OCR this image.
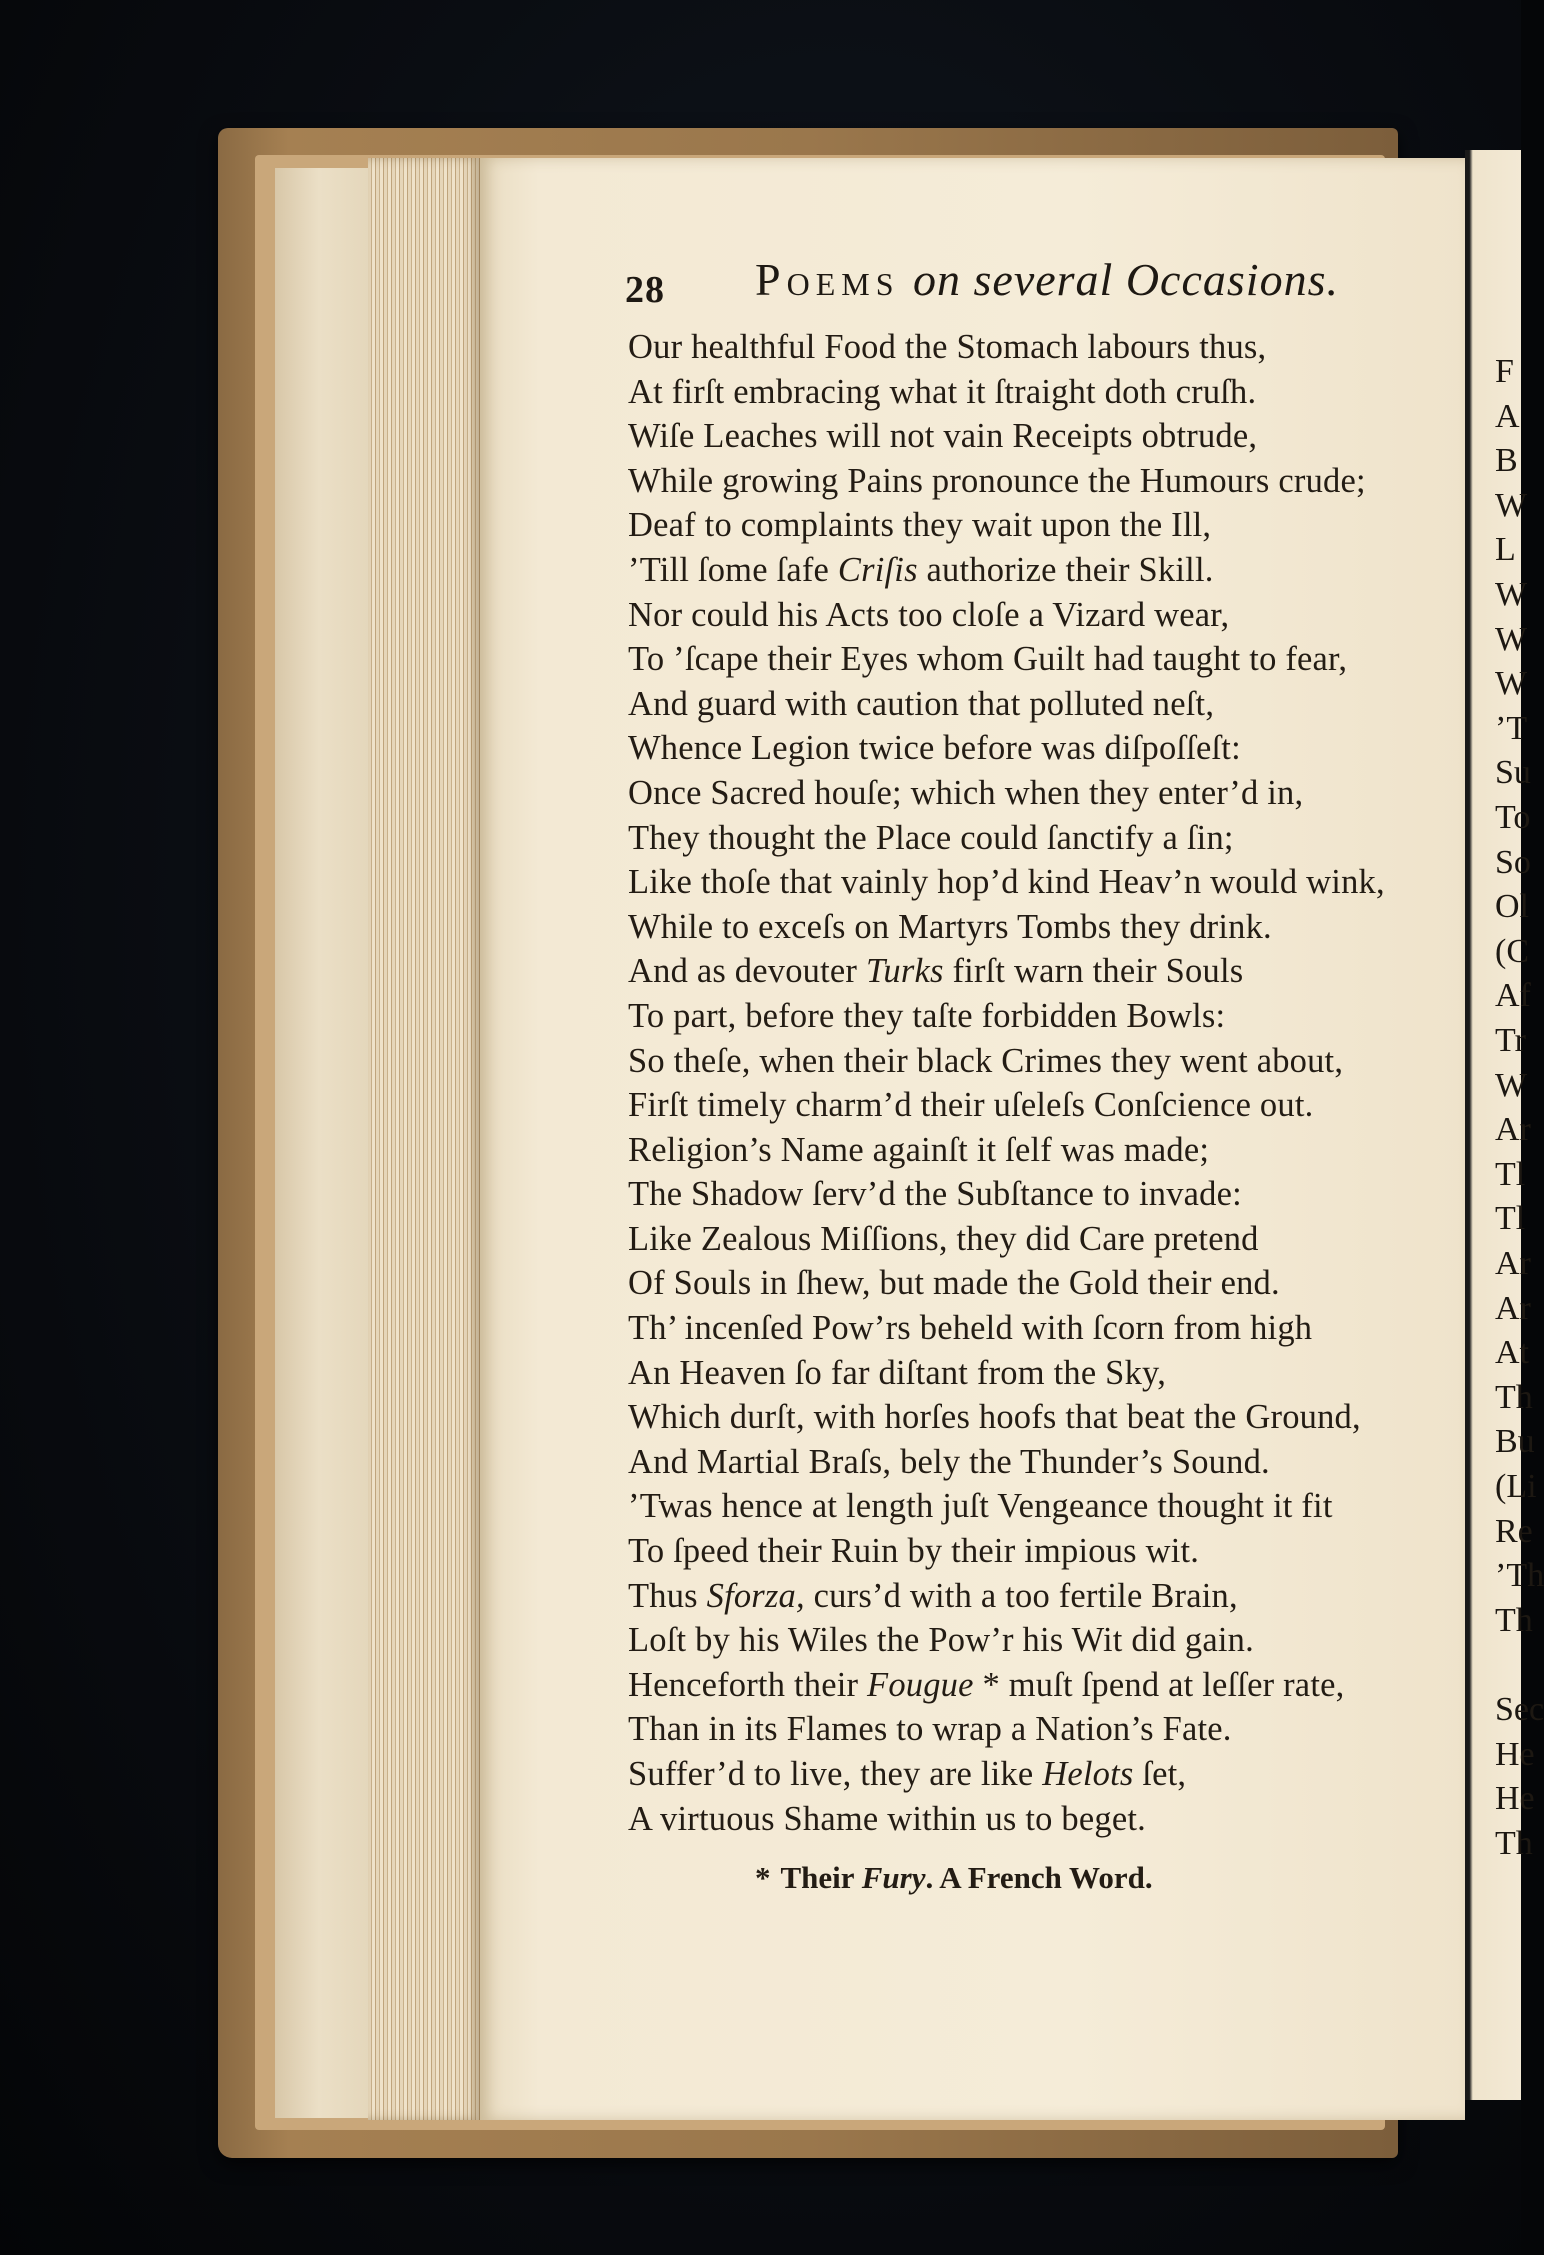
28 Poems on several Occasions.
Our healthful Food the Stomach labours thus,
At firſt embracing what it ſtraight doth cruſh.
Wiſe Leaches will not vain Receipts obtrude,
While growing Pains pronounce the Humours crude;
Deaf to complaints they wait upon the Ill,
’Till ſome ſafe Criſis authorize their Skill.
Nor could his Acts too cloſe a Vizard wear,
To ’ſcape their Eyes whom Guilt had taught to fear,
And guard with caution that polluted neſt,
Whence Legion twice before was diſpoſſeſt:
Once Sacred houſe; which when they enter’d in,
They thought the Place could ſanctify a ſin;
Like thoſe that vainly hop’d kind Heav’n would wink,
While to exceſs on Martyrs Tombs they drink.
And as devouter Turks firſt warn their Souls
To part, before they taſte forbidden Bowls:
So theſe, when their black Crimes they went about,
Firſt timely charm’d their uſeleſs Conſcience out.
Religion’s Name againſt it ſelf was made;
The Shadow ſerv’d the Subſtance to invade:
Like Zealous Miſſions, they did Care pretend
Of Souls in ſhew, but made the Gold their end.
Th’ incenſed Pow’rs beheld with ſcorn from high
An Heaven ſo far diſtant from the Sky,
Which durſt, with horſes hoofs that beat the Ground,
And Martial Braſs, bely the Thunder’s Sound.
’Twas hence at length juſt Vengeance thought it fit
To ſpeed their Ruin by their impious wit.
Thus Sforza, curs’d with a too fertile Brain,
Loſt by his Wiles the Pow’r his Wit did gain.
Henceforth their Fougue * muſt ſpend at leſſer rate,
Than in its Flames to wrap a Nation’s Fate.
Suffer’d to live, they are like Helots ſet,
A virtuous Shame within us to beget.
* Their Fury. A French Word.
F
A
B
W
L
W
W
W
’T
Su
To
So
Ol
(C
Af
Tr
W
Ar
Tl
Tl
Ar
Ar
At
Th
Bu
(Li
Re
’Th
Th
Sec
He
He
Th
